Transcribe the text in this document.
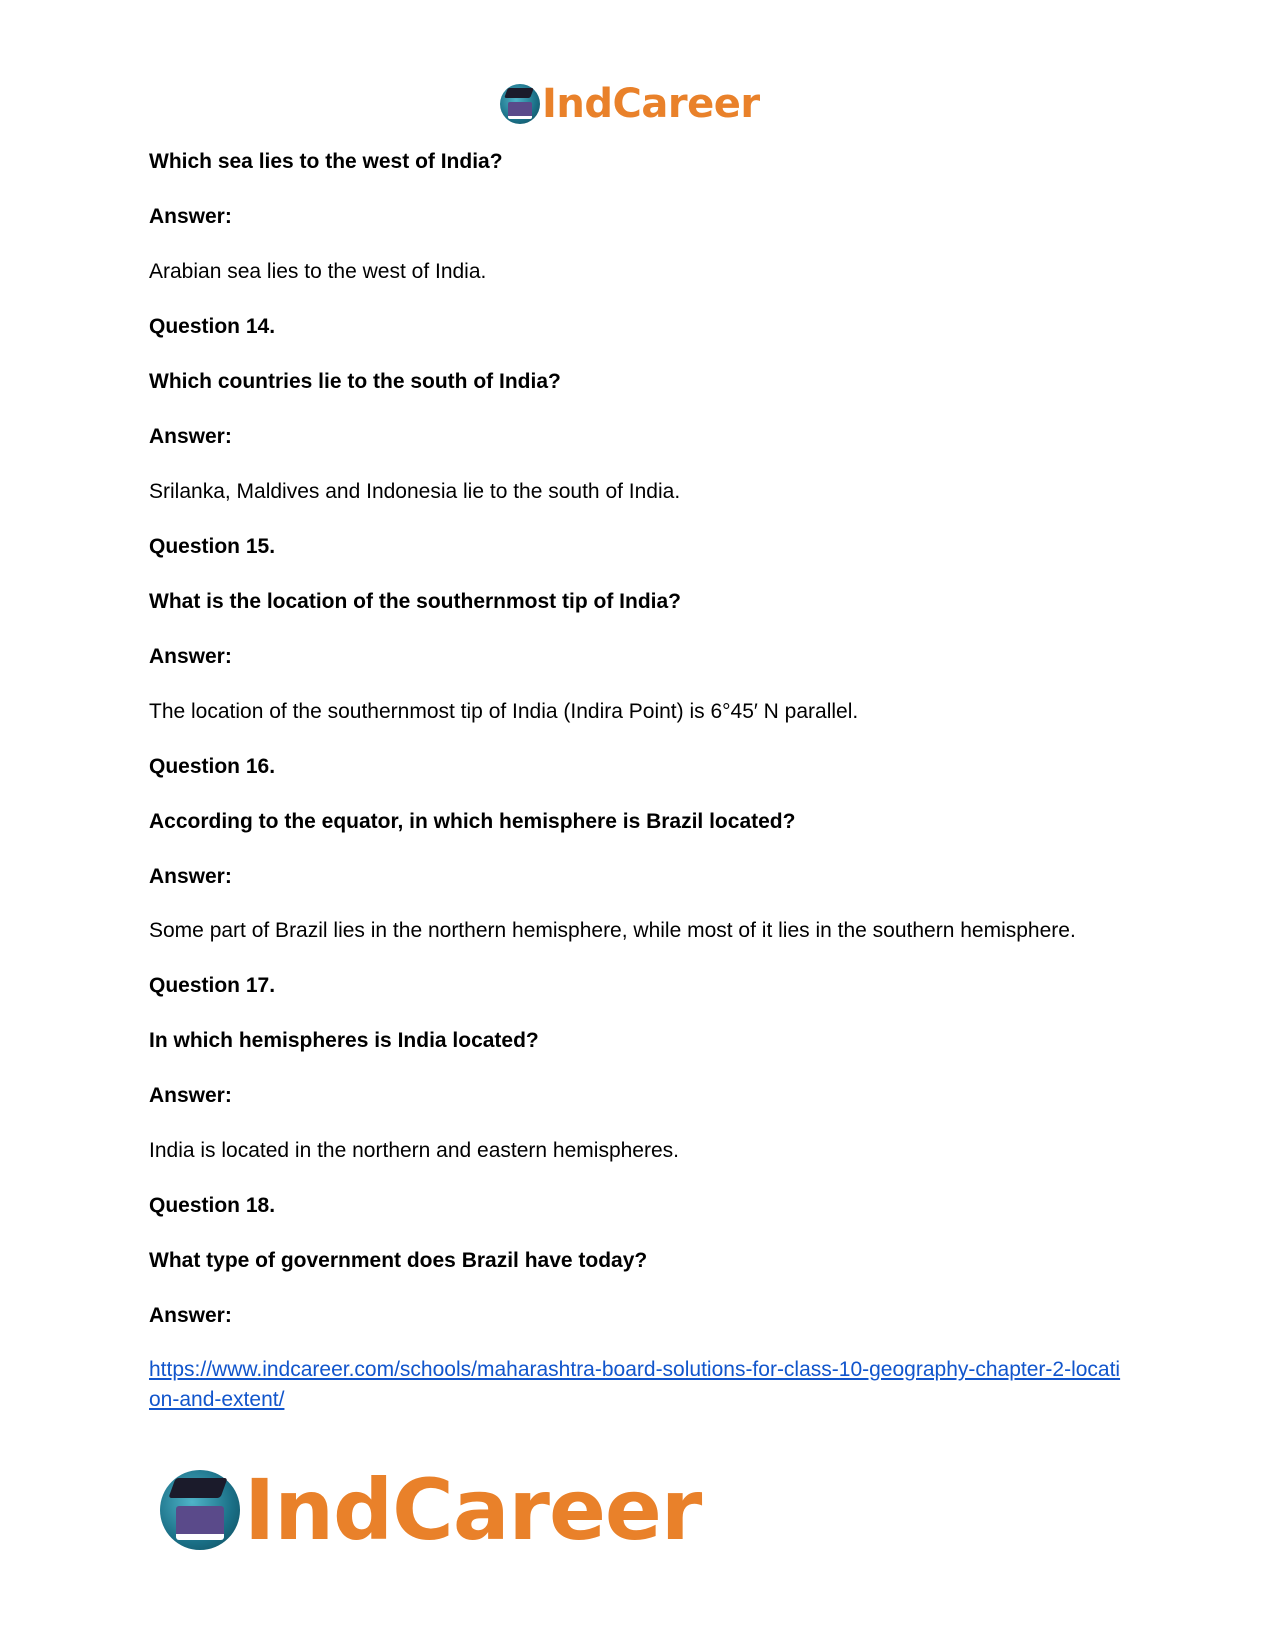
IndCareer

Which sea lies to the west of India?

Answer:

Arabian sea lies to the west of India.

Question 14.

Which countries lie to the south of India?

Answer:

Srilanka, Maldives and Indonesia lie to the south of India.

Question 15.

What is the location of the southernmost tip of India?

Answer:

The location of the southernmost tip of India (Indira Point) is 6°45′ N parallel.

Question 16.

According to the equator, in which hemisphere is Brazil located?

Answer:

Some part of Brazil lies in the northern hemisphere, while most of it lies in the southern hemisphere.

Question 17.

In which hemispheres is India located?

Answer:

India is located in the northern and eastern hemispheres.

Question 18.

What type of government does Brazil have today?

Answer:

https://www.indcareer.com/schools/maharashtra-board-solutions-for-class-10-geography-chapter-2-location-and-extent/

IndCareer
